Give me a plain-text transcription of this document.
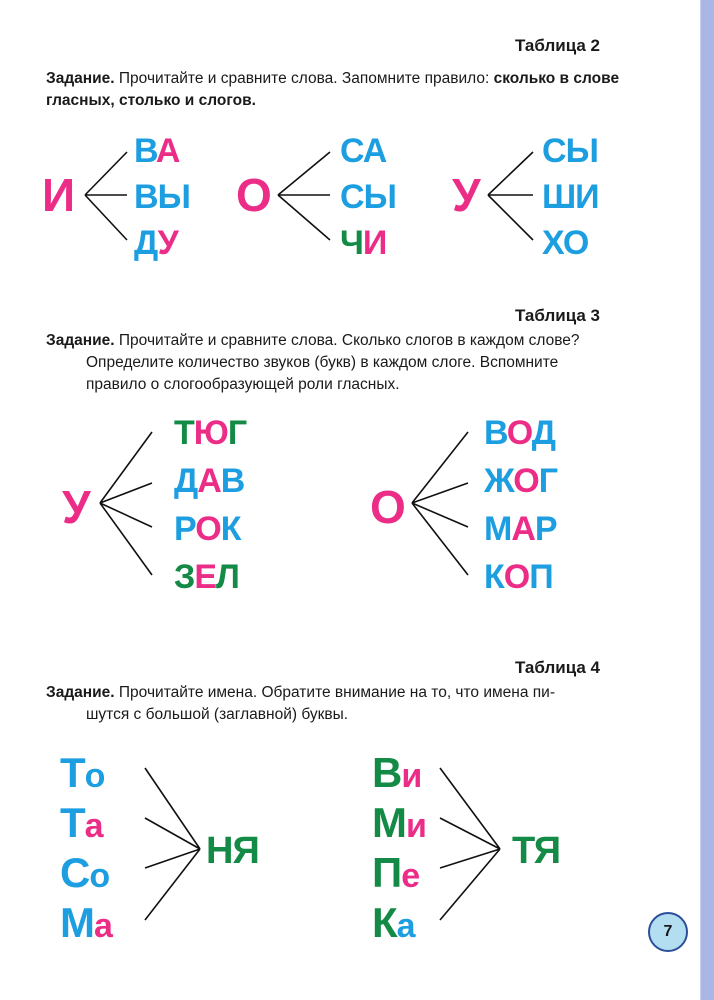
Таблица 2
Задание. Прочитайте и сравните слова. Запомните правило: сколько в слове гласных, столько и слогов.
И
ВА
ВЫ
ДУ
О
СА
СЫ
ЧИ
У
СЫ
ШИ
ХО
Таблица 3
Задание. Прочитайте и сравните слова. Сколько слогов в каждом слове?
Определите количество звуков (букв) в каждом слоге. Вспомните
правило о слогообразующей роли гласных.
У
ТЮГ
ДАВ
РОК
ЗЕЛ
О
ВОД
ЖОГ
МАР
КОП
Таблица 4
Задание. Прочитайте имена. Обратите внимание на то, что имена пи-
шутся с большой (заглавной) буквы.
То
Та
Со
Ма
НЯ
Ви
Ми
Пе
Ка
ТЯ
7
